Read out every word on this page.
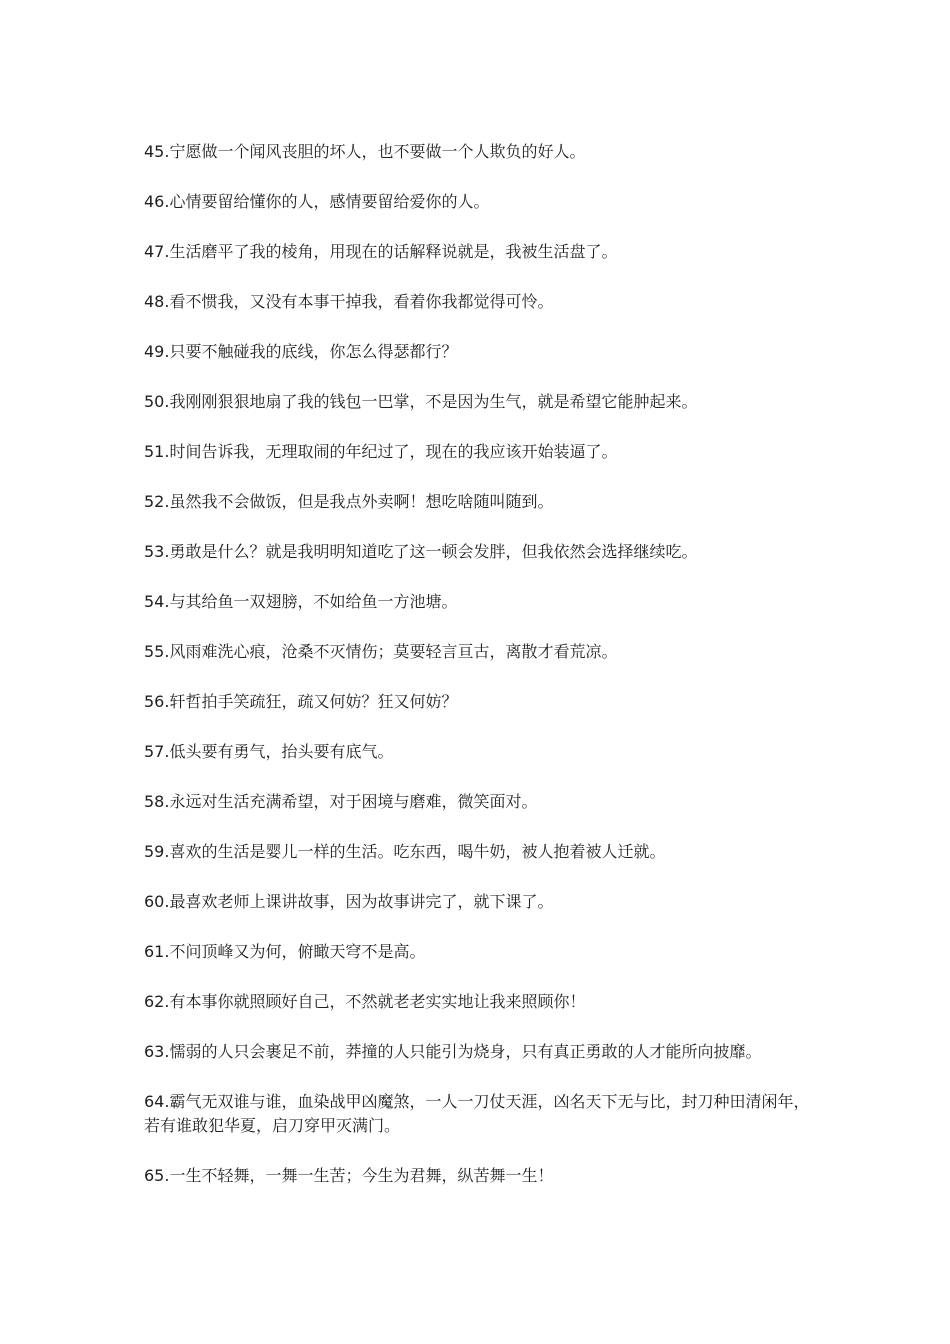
45.宁愿做一个闻风丧胆的坏人，也不要做一个人欺负的好人。

46.心情要留给懂你的人，感情要留给爱你的人。

47.生活磨平了我的棱角，用现在的话解释说就是，我被生活盘了。

48.看不惯我，又没有本事干掉我，看着你我都觉得可怜。

49.只要不触碰我的底线，你怎么得瑟都行？

50.我刚刚狠狠地扇了我的钱包一巴掌，不是因为生气，就是希望它能肿起来。

51.时间告诉我，无理取闹的年纪过了，现在的我应该开始装逼了。

52.虽然我不会做饭，但是我点外卖啊！想吃啥随叫随到。

53.勇敢是什么？就是我明明知道吃了这一顿会发胖，但我依然会选择继续吃。

54.与其给鱼一双翅膀，不如给鱼一方池塘。

55.风雨难洗心痕，沧桑不灭情伤；莫要轻言亘古，离散才看荒凉。

56.轩哲拍手笑疏狂，疏又何妨？狂又何妨？

57.低头要有勇气，抬头要有底气。

58.永远对生活充满希望，对于困境与磨难，微笑面对。

59.喜欢的生活是婴儿一样的生活。吃东西，喝牛奶，被人抱着被人迁就。

60.最喜欢老师上课讲故事，因为故事讲完了，就下课了。

61.不问顶峰又为何，俯瞰天穹不是高。

62.有本事你就照顾好自己，不然就老老实实地让我来照顾你！

63.懦弱的人只会裹足不前，莽撞的人只能引为烧身，只有真正勇敢的人才能所向披靡。

64.霸气无双谁与谁，血染战甲凶魔煞，一人一刀仗天涯，凶名天下无与比，封刀种田清闲年，若有谁敢犯华夏，启刀穿甲灭满门。

65.一生不轻舞，一舞一生苦；今生为君舞，纵苦舞一生！
